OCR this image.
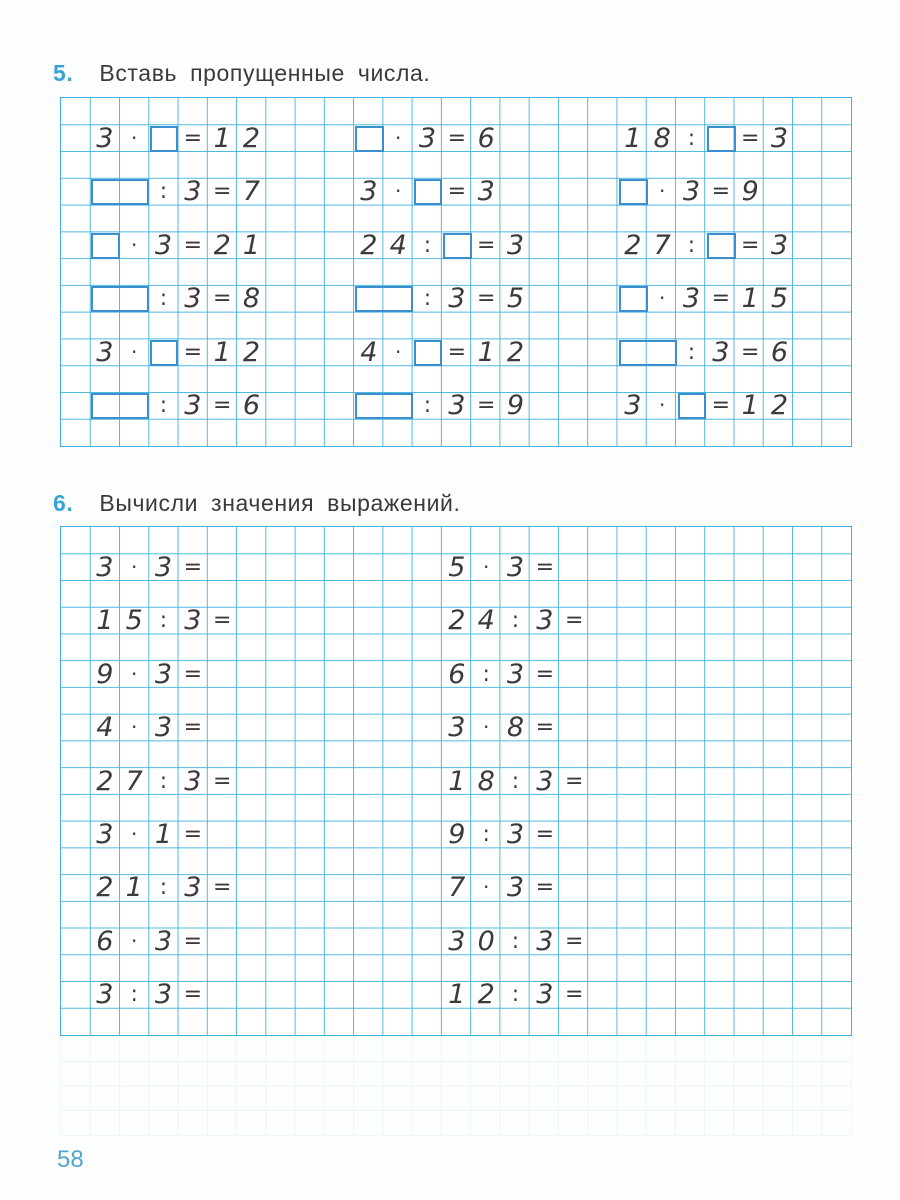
5. Вставь пропущенные числа.
3 ·	= 1 2
: 3 = 7
· 3 = 2 1
: 3 = 8
3 ·	= 1 2
: 3 = 6
· 3 = 6
3 ·	= 3
2 4 :	= 3
: 3 = 5
4 ·	= 1 2
: 3 = 9
1 8 :	= 3
· 3 = 9
2 7 :	= 3
· 3 = 1 5
: 3 = 6
3 ·	= 1 2
6. Вычисли значения выражений.
3 · 3 =
1 5 : 3 =
9 · 3 =
4 · 3 =
2 7 : 3 =
3 · 1 =
2 1 : 3 =
6 · 3 =
3 : 3 =
5 · 3 =
2 4 : 3 =
6 : 3 =
3 · 8 =
1 8 : 3 =
9 : 3 =
7 · 3 =
3 0 : 3 =
1 2 : 3 =
58
